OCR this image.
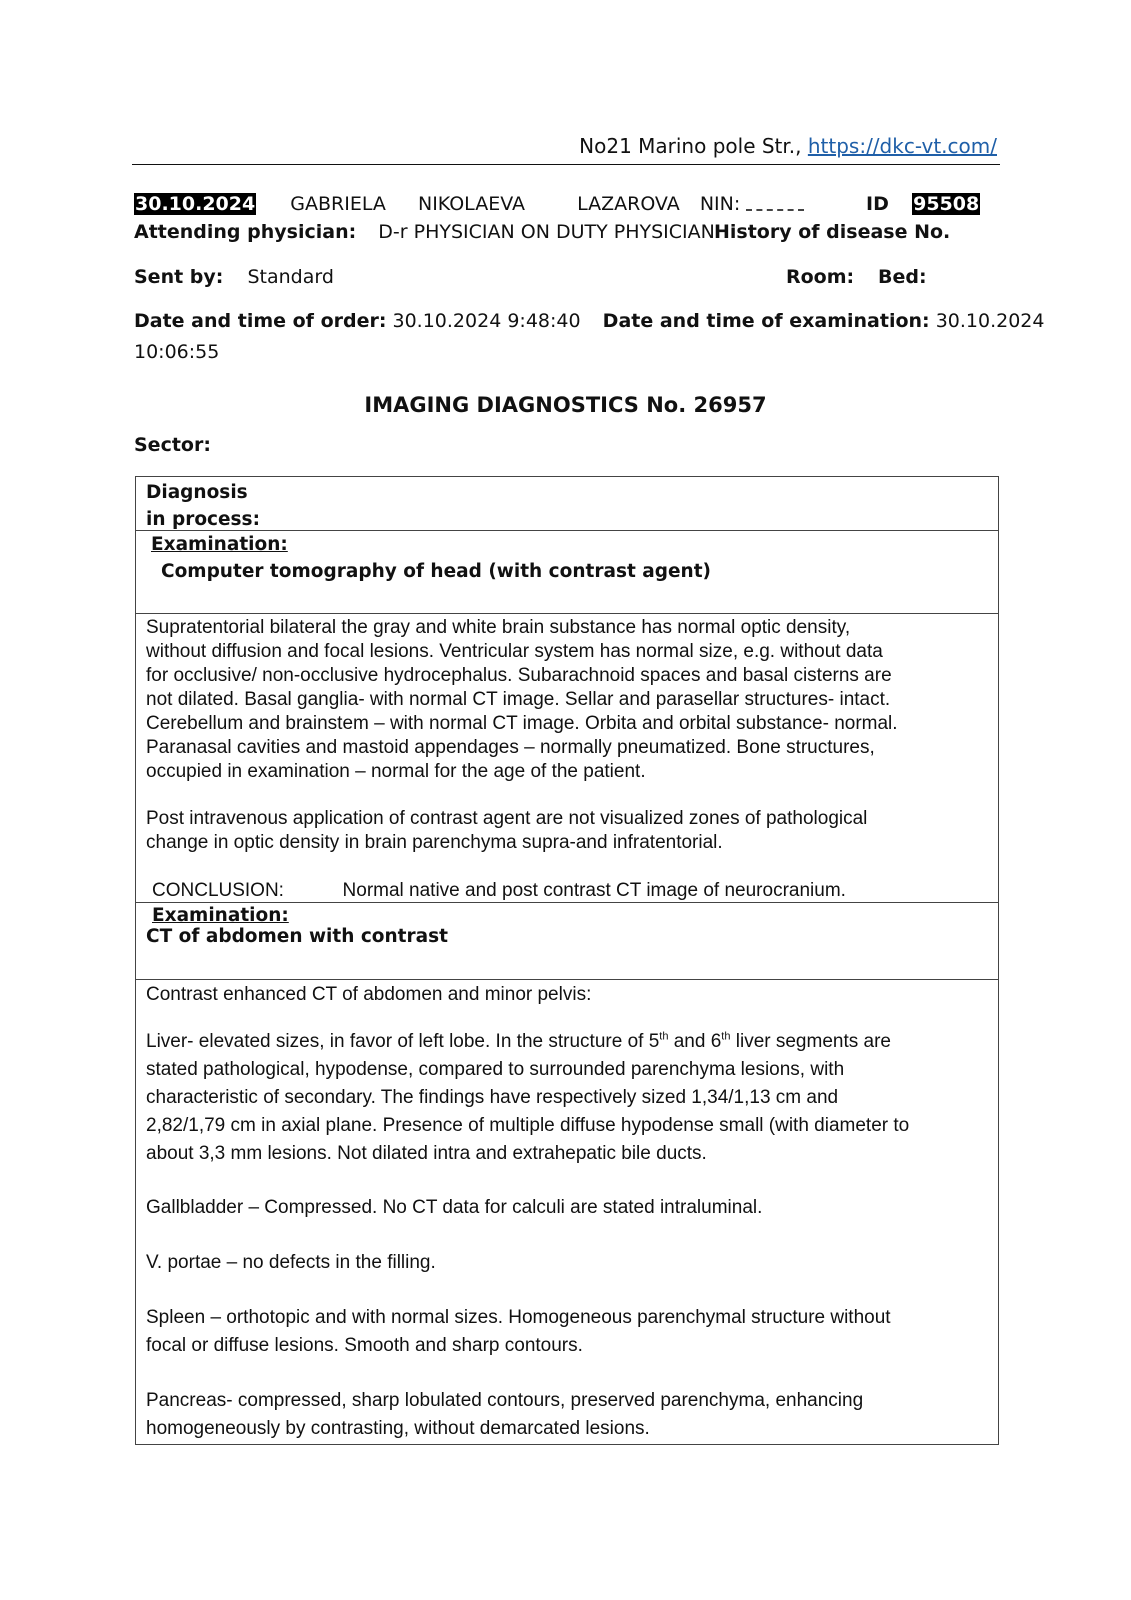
No21 Marino pole Str., https://dkc-vt.com/
30.10.2024 GABRIELA NIKOLAEVA	LAZAROVA NIN:	ID 95508
Attending physician: D-r PHYSICIAN ON DUTY PHYSICIAN History of disease No.
Sent by: Standard	Room: Bed:
Date and time of order: 30.10.2024 9:48:40 Date and time of examination: 30.10.2024
10:06:55
IMAGING DIAGNOSTICS No. 26957
Sector:
Diagnosis
in process:
Examination:
Computer tomography of head (with contrast agent)
Supratentorial bilateral the gray and white brain substance has normal optic density,
without diffusion and focal lesions. Ventricular system has normal size, e.g. without data
for occlusive/ non-occlusive hydrocephalus. Subarachnoid spaces and basal cisterns are
not dilated. Basal ganglia- with normal CT image. Sellar and parasellar structures- intact.
Cerebellum and brainstem – with normal CT image. Orbita and orbital substance- normal.
Paranasal cavities and mastoid appendages – normally pneumatized. Bone structures,
occupied in examination – normal for the age of the patient.
Post intravenous application of contrast agent are not visualized zones of pathological
change in optic density in brain parenchyma supra-and infratentorial.
CONCLUSION:	Normal native and post contrast CT image of neurocranium.
Examination:
CT of abdomen with contrast
Contrast enhanced CT of abdomen and minor pelvis:
Liver- elevated sizes, in favor of left lobe. In the structure of 5th and 6th liver segments are
stated pathological, hypodense, compared to surrounded parenchyma lesions, with
characteristic of secondary. The findings have respectively sized 1,34/1,13 cm and
2,82/1,79 cm in axial plane. Presence of multiple diffuse hypodense small (with diameter to
about 3,3 mm lesions. Not dilated intra and extrahepatic bile ducts.
Gallbladder – Compressed. No CT data for calculi are stated intraluminal.
V. portae – no defects in the filling.
Spleen – orthotopic and with normal sizes. Homogeneous parenchymal structure without
focal or diffuse lesions. Smooth and sharp contours.
Pancreas- compressed, sharp lobulated contours, preserved parenchyma, enhancing
homogeneously by contrasting, without demarcated lesions.
